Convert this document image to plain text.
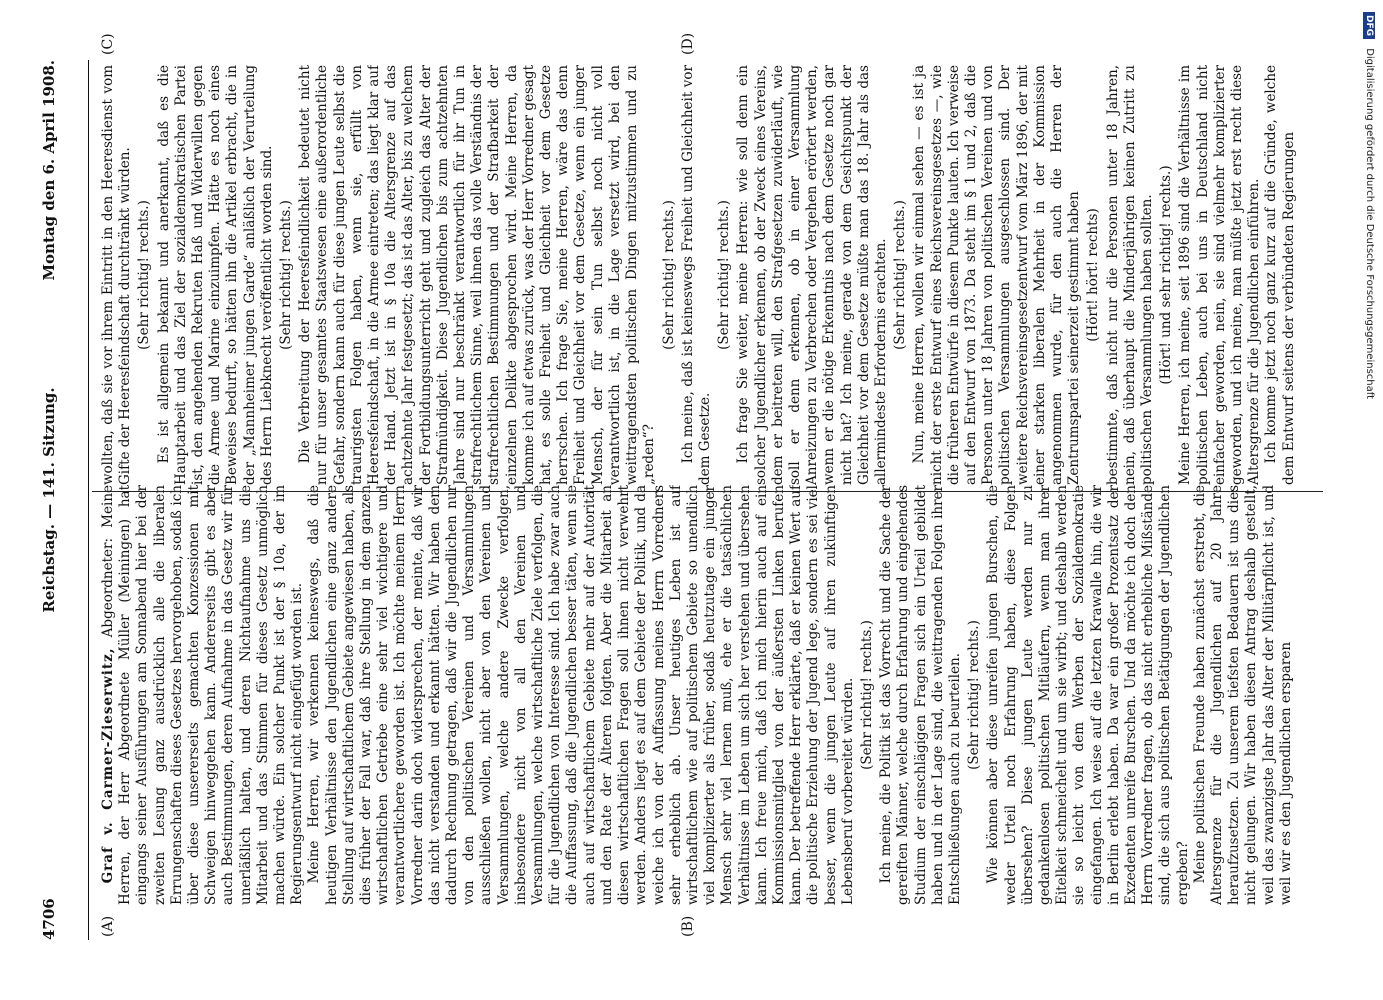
4706
Reichstag. — 141. Sitzung.
Montag den 6. April 1908.
(A)	(B)
(C)	(D)

Graf v. Carmer-Zieserwitz, Abgeordneter: Meine Herren, der Herr Abgeordnete Müller (Meiningen) hat eingangs seiner Ausführungen am Sonnabend hier bei der zweiten Lesung ganz ausdrücklich alle die liberalen Errungenschaften dieses Gesetzes hervorgehoben, sodaß ich über diese unsererseits gemachten Konzessionen mit Schweigen hinweggehen kann. Andererseits gibt es aber auch Bestimmungen, deren Aufnahme in das Gesetz wir für unerläßlich halten, und deren Nichtaufnahme uns die Mitarbeit und das Stimmen für dieses Gesetz unmöglich machen würde. Ein solcher Punkt ist der § 10a, der im Regierungsentwurf nicht eingefügt worden ist. Meine Herren, wir verkennen keineswegs, daß die heutigen Verhältnisse den Jugendlichen eine ganz andere Stellung auf wirtschaftlichem Gebiete angewiesen haben, als dies früher der Fall war, daß ihre Stellung in dem ganzen wirtschaftlichen Getriebe eine sehr viel wichtigere und verantwortlichere geworden ist. Ich möchte meinem Herrn Vorredner darin doch widersprechen, der meinte, daß wir das nicht verstanden und erkannt hätten. Wir haben dem dadurch Rechnung getragen, daß wir die Jugendlichen nur von den politischen Vereinen und Versammlungen ausschließen wollen, nicht aber von den Vereinen und Versammlungen, welche andere Zwecke verfolgen, insbesondere nicht von all den Vereinen und Versammlungen, welche wirtschaftliche Ziele verfolgen, die für die Jugendlichen von Interesse sind. Ich habe zwar auch die Auffassung, daß die Jugendlichen besser täten, wenn sie auch auf wirtschaftlichem Gebiete mehr auf der Autorität und den Rate der Älteren folgten. Aber die Mitarbeit an diesen wirtschaftlichen Fragen soll ihnen nicht verwehrt werden. Anders liegt es auf dem Gebiete der Politik, und da weiche ich von der Auffassung meines Herrn Vorredners sehr erheblich ab. Unser heutiges Leben ist auf wirtschaftlichem wie auf politischem Gebiete so unendlich viel komplizierter als früher, sodaß heutzutage ein junger Mensch sehr viel lernen muß, ehe er die tatsächlichen Verhältnisse im Leben um sich her verstehen und übersehen kann. Ich freue mich, daß ich mich hierin auch auf ein Kommissionsmitglied von der äußersten Linken berufen kann. Der betreffende Herr erklärte, daß er keinen Wert auf die politische Erziehung der Jugend lege, sondern es sei viel besser, wenn die jungen Leute auf ihren zukünftigen Lebensberuf vorbereitet würden. (Sehr richtig! rechts.) Ich meine, die Politik ist das Vorrecht und die Sache der gereiften Männer, welche durch Erfahrung und eingehendes Studium der einschlägigen Fragen sich ein Urteil gebildet haben und in der Lage sind, die weittragenden Folgen ihrer Entschließungen auch zu beurteilen. (Sehr richtig! rechts.) Wie können aber diese unreifen jungen Burschen, die weder Urteil noch Erfahrung haben, diese Folgen übersehen? Diese jungen Leute werden nur zu gedankenlosen politischen Mitläufern, wenn man ihrer Eitelkeit schmeichelt und um sie wirbt; und deshalb werden sie so leicht von dem Werben der Sozialdemokratie eingefangen. Ich weise auf die letzten Krawalle hin, die wir in Berlin erlebt haben. Da war ein großer Prozentsatz der Exzedenten unreife Burschen. Und da möchte ich doch den Herrn Vorredner fragen, ob das nicht erhebliche Mißstände sind, die sich aus politischen Betätigungen der Jugendlichen ergeben? Meine politischen Freunde haben zunächst erstrebt, die Altersgrenze für die Jugendlichen auf 20 Jahre heraufzusetzen. Zu unserem tiefsten Bedauern ist uns dies nicht gelungen. Wir haben diesen Antrag deshalb gestellt, weil das zwanzigste Jahr das Alter der Militärpflicht ist, und weil wir es den Jugendlichen ersparen

wollten, daß sie vor ihrem Eintritt in den Heeresdienst vom Gifte der Heeresfeindschaft durchtränkt würden. (Sehr richtig! rechts.) Es ist allgemein bekannt und anerkannt, daß es die Hauptarbeit und das Ziel der sozialdemokratischen Partei ist, den angehenden Rekruten Haß und Widerwillen gegen die Armee und Marine einzuimpfen. Hätte es noch eines Beweises bedurft, so hätten ihn die Artikel erbracht, die in der „Mannheimer jungen Garde“ anläßlich der Verurteilung des Herrn Liebknecht veröffentlicht worden sind. (Sehr richtig! rechts.) Die Verbreitung der Heeresfeindlichkeit bedeutet nicht nur für unser gesamtes Staatswesen eine außerordentliche Gefahr, sondern kann auch für diese jungen Leute selbst die traurigsten Folgen haben, wenn sie, erfüllt von Heeresfeindschaft, in die Armee eintreten; das liegt klar auf der Hand. Jetzt ist in § 10a die Altersgrenze auf das achtzehnte Jahr festgesetzt; das ist das Alter, bis zu welchem der Fortbildungsunterricht geht und zugleich das Alter der Strafmündigkeit. Diese Jugendlichen bis zum achtzehnten Jahre sind nur beschränkt verantwortlich für ihr Tun in strafrechtlichem Sinne, weil ihnen das volle Verständnis der strafrechtlichen Bestimmungen und der Strafbarkeit der einzelnen Delikte abgesprochen wird. Meine Herren, da komme ich auf etwas zurück, was der Herr Vorredner gesagt hat, es solle Freiheit und Gleichheit vor dem Gesetze herrschen. Ich frage Sie, meine Herren, wäre das denn Freiheit und Gleichheit vor dem Gesetze, wenn ein junger Mensch, der für sein Tun selbst noch nicht voll verantwortlich ist, in die Lage versetzt wird, bei den weittragendsten politischen Dingen mitzustimmen und zu „reden“?

(Sehr richtig! rechts.) Ich meine, daß ist keineswegs Freiheit und Gleichheit vor dem Gesetze.

(Sehr richtig! rechts.) Ich frage Sie weiter, meine Herren: wie soll denn ein solcher Jugendlicher erkennen, ob der Zweck eines Vereins, dem er beitreten will, den Strafgesetzen zuwiderläuft, wie soll er denn erkennen, ob in einer Versammlung Anreizungen zu Verbrechen oder Vergehen erörtert werden, wenn er die nötige Erkenntnis nach dem Gesetze noch gar nicht hat? Ich meine, gerade von dem Gesichtspunkt der Gleichheit vor dem Gesetze müßte man das 18. Jahr als das allermindeste Erfordernis erachten. (Sehr richtig! rechts.) Nun, meine Herren, wollen wir einmal sehen — es ist ja nicht der erste Entwurf eines Reichsvereinsgesetzes —, wie die früheren Entwürfe in diesem Punkte lauten. Ich verweise auf den Entwurf von 1873. Da steht im § 1 und 2, daß die Personen unter 18 Jahren von politischen Vereinen und von politischen Versammlungen ausgeschlossen sind. Der weitere Reichsvereinsgesetzentwurf vom März 1896, der mit einer starken liberalen Mehrheit in der Kommission angenommen wurde, für den auch die Herren der Zentrumspartei seinerzeit gestimmt haben (Hört! hört! rechts) bestimmte, daß nicht nur die Personen unter 18 Jahren, nein, daß überhaupt die Minderjährigen keinen Zutritt zu politischen Versammlungen haben sollten. (Hört! und sehr richtig! rechts.) Meine Herren, ich meine, seit 1896 sind die Verhältnisse im politischen Leben, auch bei uns in Deutschland nicht einfacher geworden, nein, sie sind vielmehr komplizierter geworden, und ich meine, man müßte jetzt erst recht diese Altersgrenze für die Jugendlichen einführen. Ich komme jetzt noch ganz kurz auf die Gründe, welche dem Entwurf seitens der verbündeten Regierungen

DFG Digitalisierung gefördert durch die Deutsche Forschungsgemeinschaft
